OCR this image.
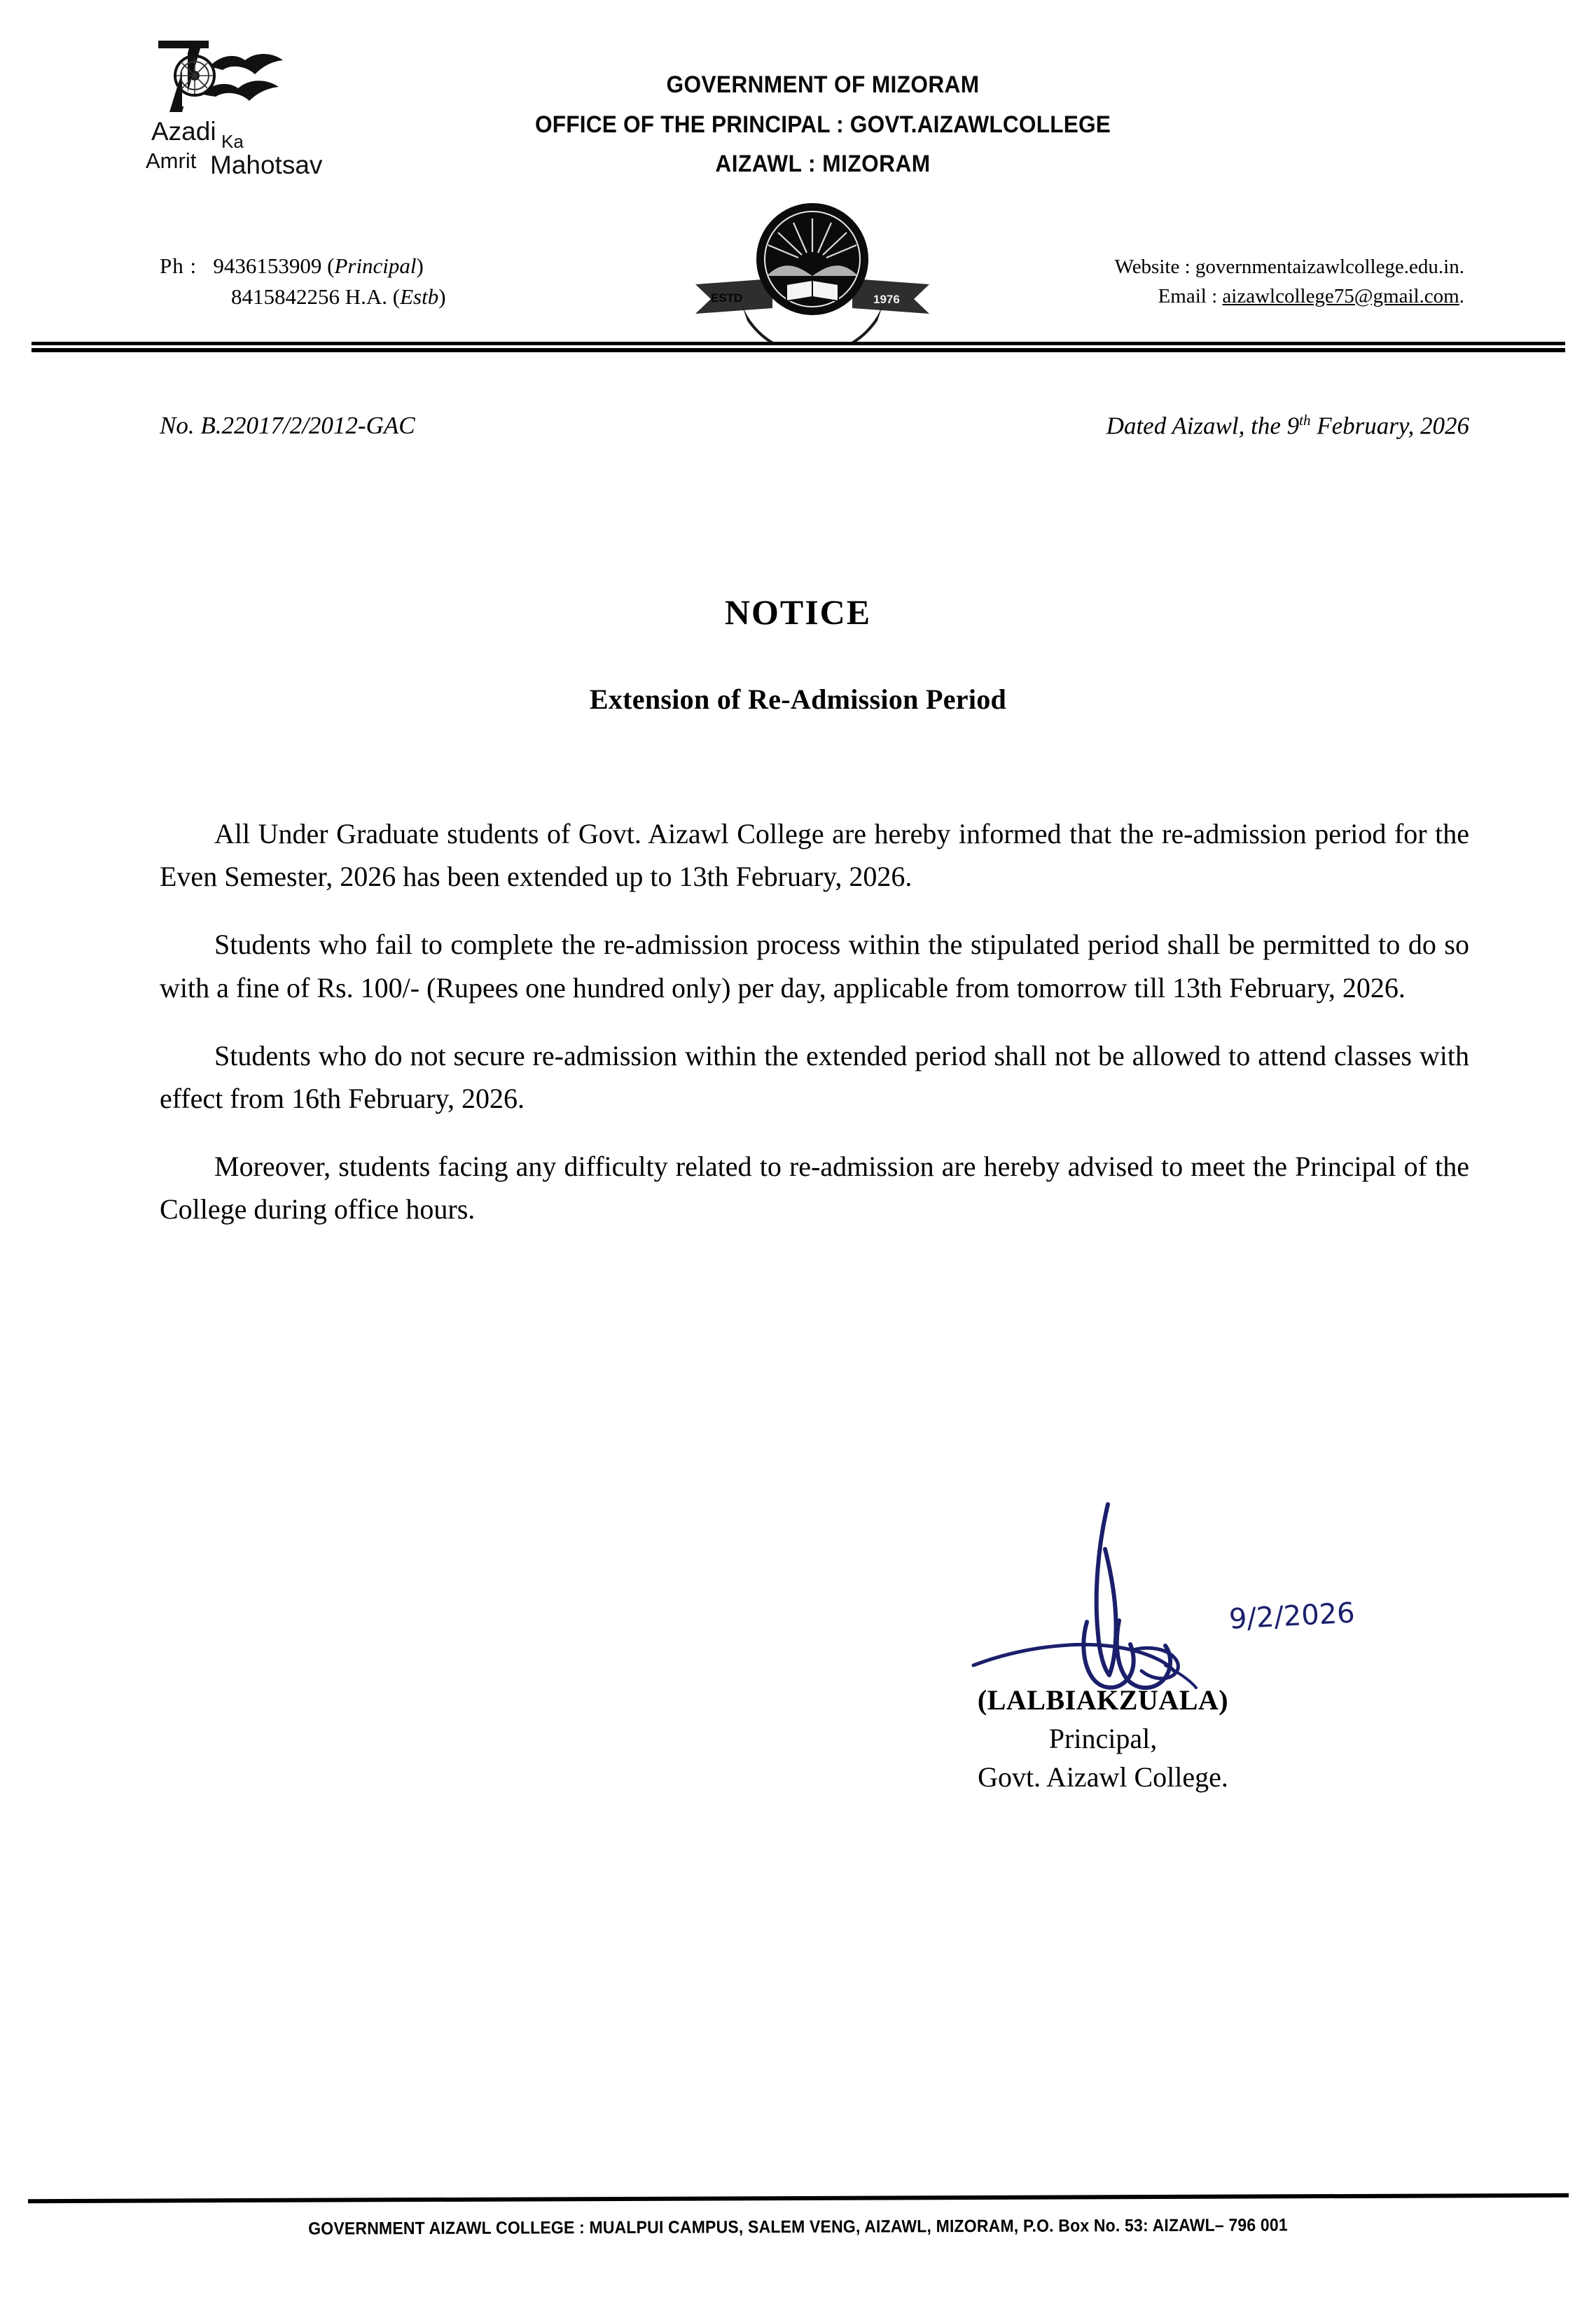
Azadi Ka
Amrit Mahotsav
GOVERNMENT OF MIZORAM
OFFICE OF THE PRINCIPAL : GOVT.AIZAWLCOLLEGE
AIZAWL : MIZORAM
Ph : 9436153909 (Principal)
8415842256 H.A. (Estb)
Website : governmentaizawlcollege.edu.in.
Email : aizawlcollege75@gmail.com.
ESTD	1976
No. B.22017/2/2012-GAC	Dated Aizawl, the 9th February, 2026
NOTICE
Extension of Re-Admission Period

All Under Graduate students of Govt. Aizawl College are hereby informed that the re-admission period for the Even Semester, 2026 has been extended up to 13th February, 2026.

Students who fail to complete the re-admission process within the stipulated period shall be permitted to do so with a fine of Rs. 100/- (Rupees one hundred only) per day, applicable from tomorrow till 13th February, 2026.

Students who do not secure re-admission within the extended period shall not be allowed to attend classes with effect from 16th February, 2026.

Moreover, students facing any difficulty related to re-admission are hereby advised to meet the Principal of the College during office hours.

9/2/2026
(LALBIAKZUALA)
Principal,
Govt. Aizawl College.
GOVERNMENT AIZAWL COLLEGE : MUALPUI CAMPUS, SALEM VENG, AIZAWL, MIZORAM, P.O. Box No. 53: AIZAWL– 796 001
